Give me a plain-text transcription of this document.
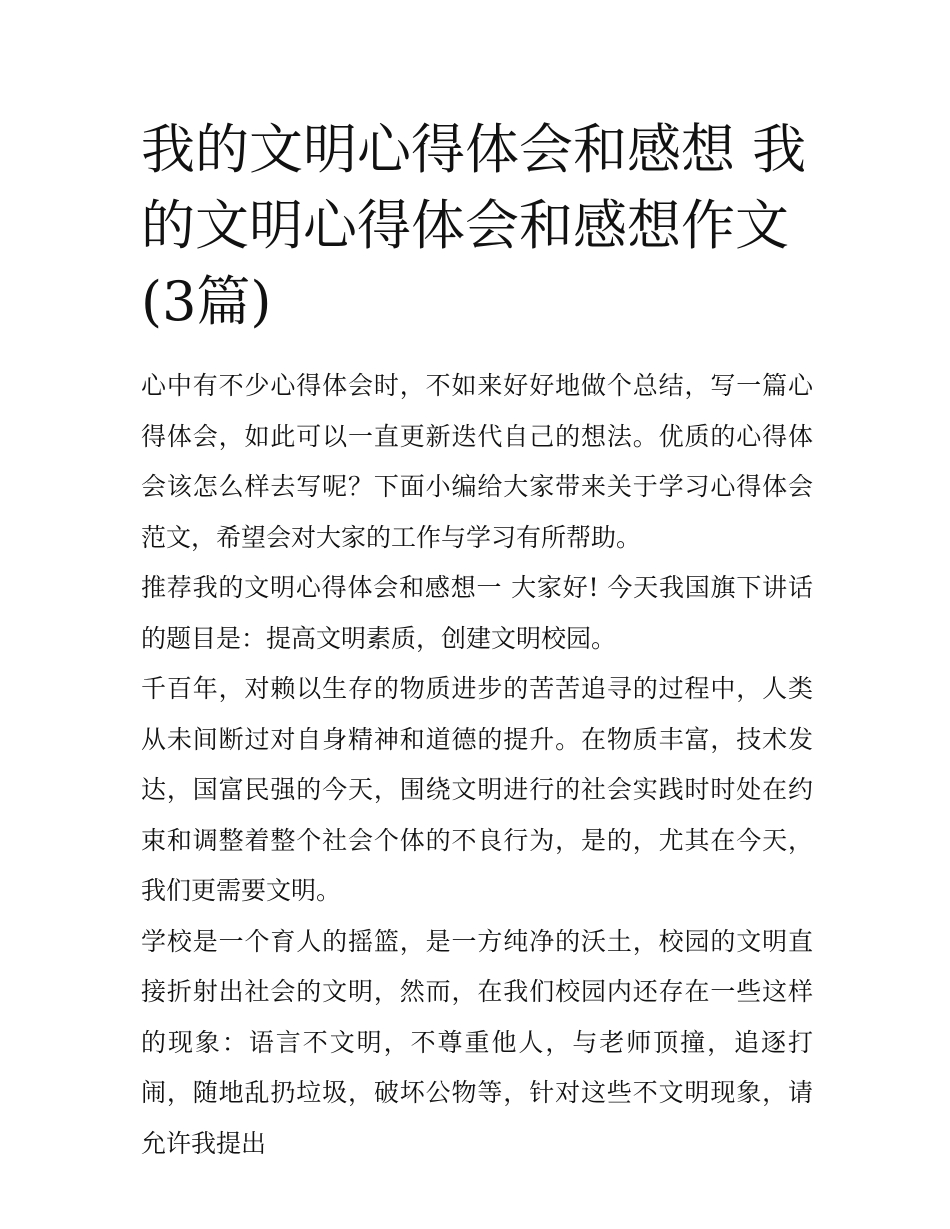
我的文明心得体会和感想 我的文明心得体会和感想作文(3篇)

心中有不少心得体会时，不如来好好地做个总结，写一篇心得体会，如此可以一直更新迭代自己的想法。优质的心得体会该怎么样去写呢？下面小编给大家带来关于学习心得体会范文，希望会对大家的工作与学习有所帮助。

推荐我的文明心得体会和感想一 大家好! 今天我国旗下讲话的题目是：提高文明素质，创建文明校园。

千百年，对赖以生存的物质进步的苦苦追寻的过程中，人类从未间断过对自身精神和道德的提升。在物质丰富，技术发达，国富民强的今天，围绕文明进行的社会实践时时处在约束和调整着整个社会个体的不良行为，是的，尤其在今天，我们更需要文明。

学校是一个育人的摇篮，是一方纯净的沃土，校园的文明直接折射出社会的文明，然而，在我们校园内还存在一些这样的现象：语言不文明，不尊重他人，与老师顶撞，追逐打闹，随地乱扔垃圾，破坏公物等，针对这些不文明现象，请允许我提出
